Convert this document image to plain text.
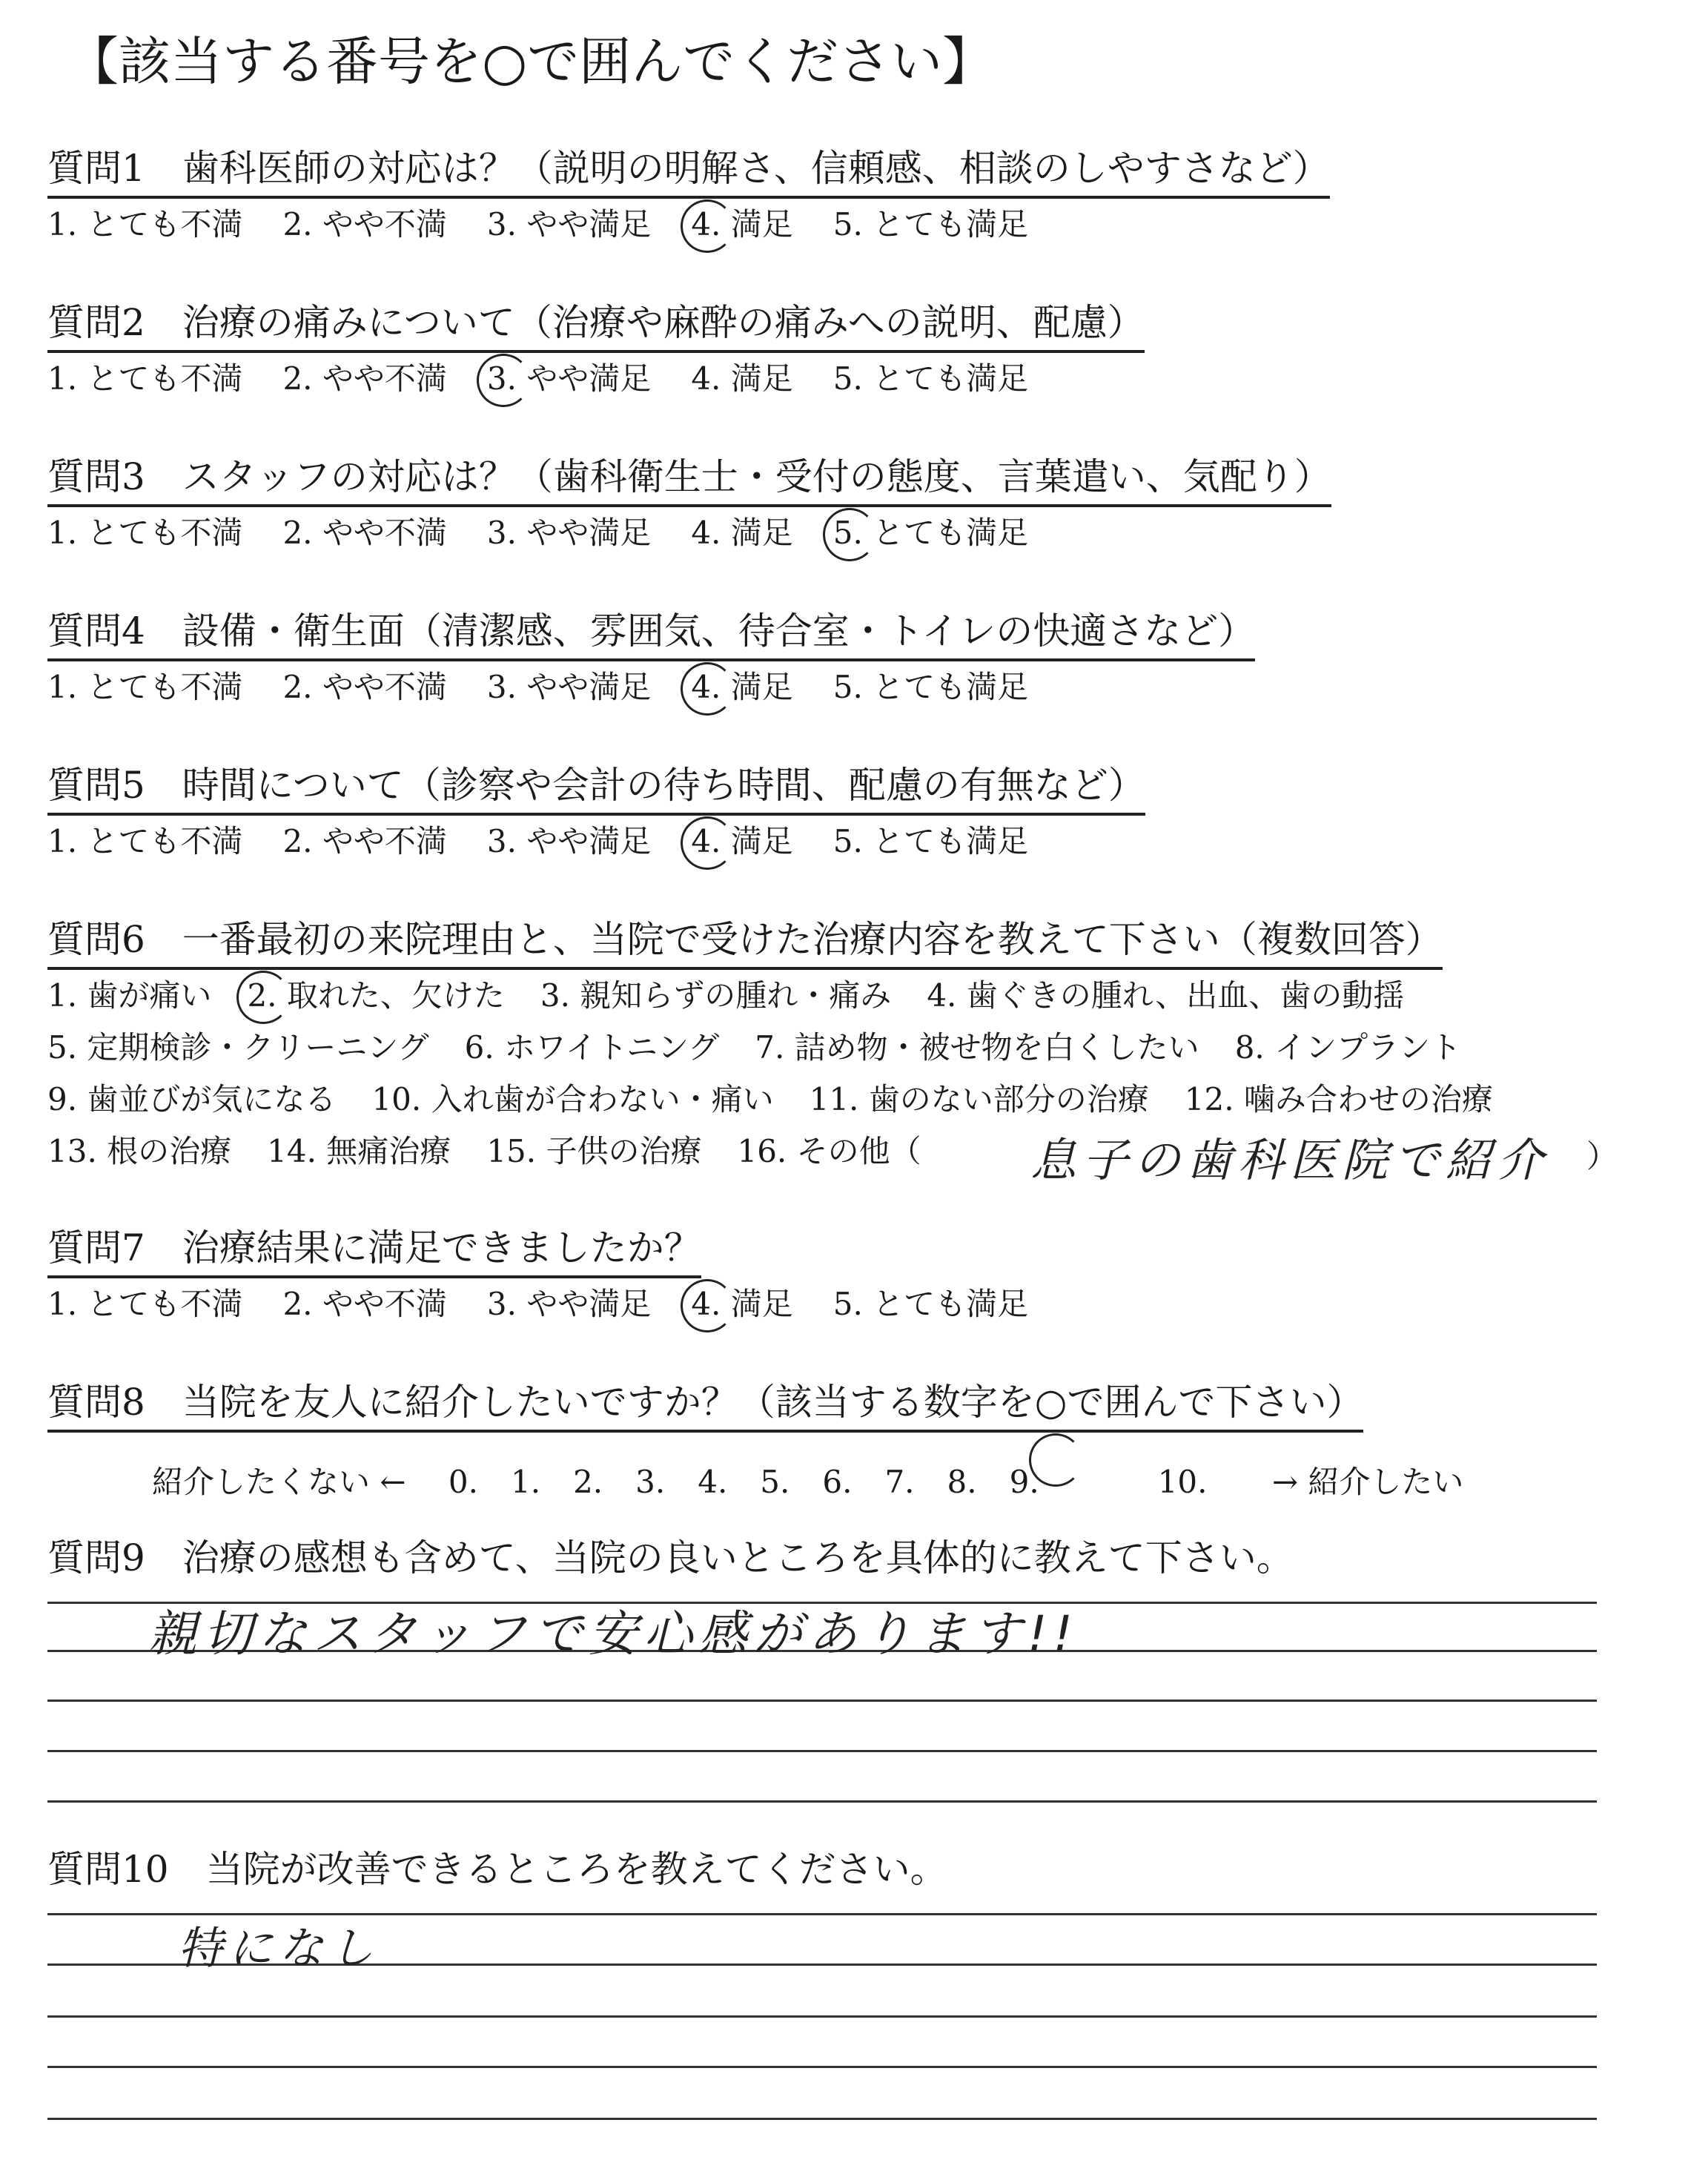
【該当する番号を○で囲んでください】
質問1　歯科医師の対応は？（説明の明解さ、信頼感、相談のしやすさなど）
1. とても不満 2. やや不満 3. やや満足 4. 満足 5. とても満足
質問2　治療の痛みについて（治療や麻酔の痛みへの説明、配慮）
1. とても不満 2. やや不満 3. やや満足 4. 満足 5. とても満足
質問3　スタッフの対応は？（歯科衛生士・受付の態度、言葉遣い、気配り）
1. とても不満 2. やや不満 3. やや満足 4. 満足 5. とても満足
質問4　設備・衛生面（清潔感、雰囲気、待合室・トイレの快適さなど）
1. とても不満 2. やや不満 3. やや満足 4. 満足 5. とても満足
質問5　時間について（診察や会計の待ち時間、配慮の有無など）
1. とても不満 2. やや不満 3. やや満足 4. 満足 5. とても満足
質問6　一番最初の来院理由と、当院で受けた治療内容を教えて下さい（複数回答）
1. 歯が痛い 2. 取れた、欠けた 3. 親知らずの腫れ・痛み 4. 歯ぐきの腫れ、出血、歯の動揺
5. 定期検診・クリーニング 6. ホワイトニング 7. 詰め物・被せ物を白くしたい 8. インプラント
9. 歯並びが気になる 10. 入れ歯が合わない・痛い 11. 歯のない部分の治療 12. 噛み合わせの治療
13. 根の治療 14. 無痛治療 15. 子供の治療 16. その他（	息子の歯科医院で紹介 ）
質問7　治療結果に満足できましたか？
1. とても不満 2. やや不満 3. やや満足 4. 満足 5. とても満足
質問8　当院を友人に紹介したいですか？（該当する数字を○で囲んで下さい）
紹介したくない ← 0. 1. 2. 3. 4. 5. 6. 7. 8. 9.	10. → 紹介したい
質問9　治療の感想も含めて、当院の良いところを具体的に教えて下さい。
親切なスタッフで安心感があります!!
質問10　当院が改善できるところを教えてください。
特になし
